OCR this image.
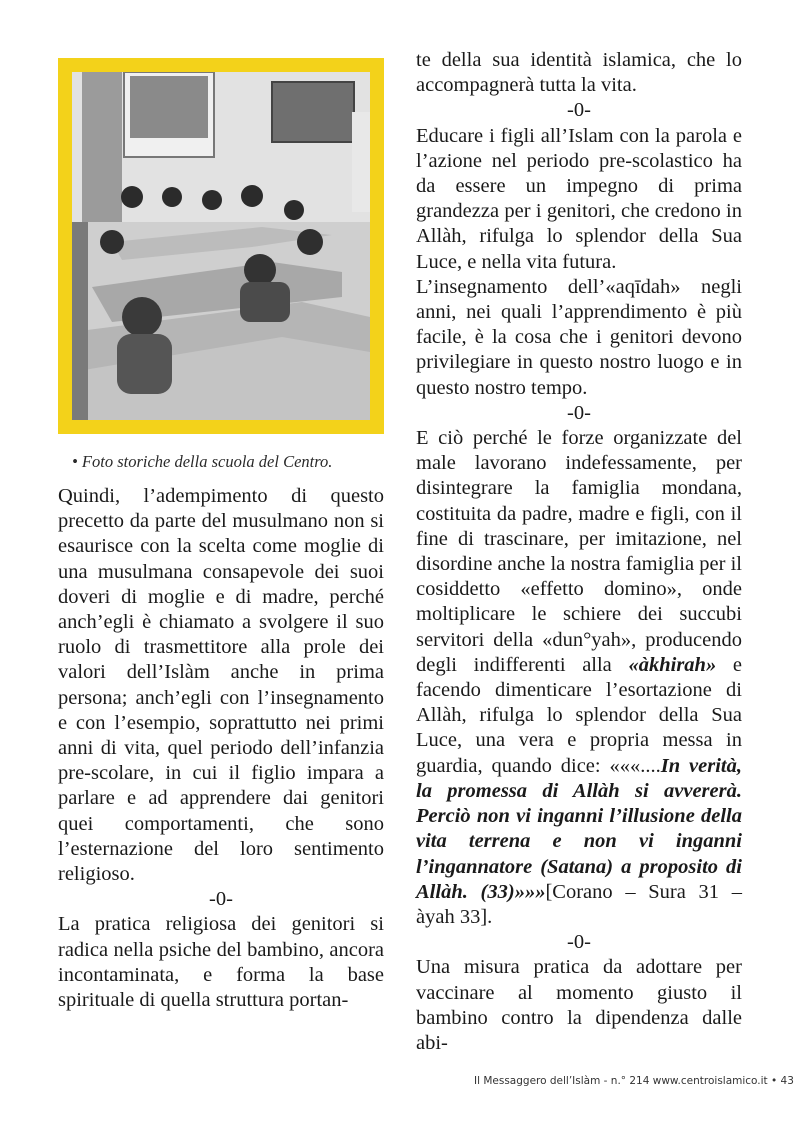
• Foto storiche della scuola del Centro.

Quindi, l’adempimento di questo precetto da parte del musulmano non si esaurisce con la scelta come moglie di una musulmana consapevole dei suoi doveri di moglie e di madre, perché anch’egli è chiamato a svolgere il suo ruolo di trasmettitore alla prole dei valori dell’Islàm anche in prima persona; anch’egli con l’insegnamento e con l’esempio, soprattutto nei primi anni di vita, quel periodo dell’infanzia pre-scolare, in cui il figlio impara a parlare e ad apprendere dai genitori quei comportamenti, che sono l’esternazione del loro sentimento religioso.

-0-

La pratica religiosa dei genitori si radica nella psiche del bambino, ancora incontaminata, e forma la base spirituale di quella struttura portan-

te della sua identità islamica, che lo accompagnerà tutta la vita.

-0-

Educare i figli all’Islam con la parola e l’azione nel periodo pre-scolastico ha da essere un impegno di prima grandezza per i genitori, che credono in Allàh, rifulga lo splendor della Sua Luce, e nella vita futura.

L’insegnamento dell’«aqīdah» negli anni, nei quali l’apprendimento è più facile, è la cosa che i genitori devono privilegiare in questo nostro luogo e in questo nostro tempo.

-0-

E ciò perché le forze organizzate del male lavorano indefessamente, per disintegrare la famiglia mondana, costituita da padre, madre e figli, con il fine di trascinare, per imitazione, nel disordine anche la nostra famiglia per il cosiddetto «effetto domino», onde moltiplicare le schiere dei succubi servitori della «dun°yah», producendo degli indifferenti alla «àkhirah» e facendo dimenticare l’esortazione di Allàh, rifulga lo splendor della Sua Luce, una vera e propria messa in guardia, quando dice: «««....In verità, la promessa di Allàh si avvererà. Perciò non vi inganni l’illusione della vita terrena e non vi inganni l’ingannatore (Satana) a proposito di Allàh. (33)»»»[Corano – Sura 31 – àyah 33].

-0-

Una misura pratica da adottare per vaccinare al momento giusto il bambino contro la dipendenza dalle abi-

Il Messaggero dell’Islàm - n.° 214 www.centroislamico.it • 43
